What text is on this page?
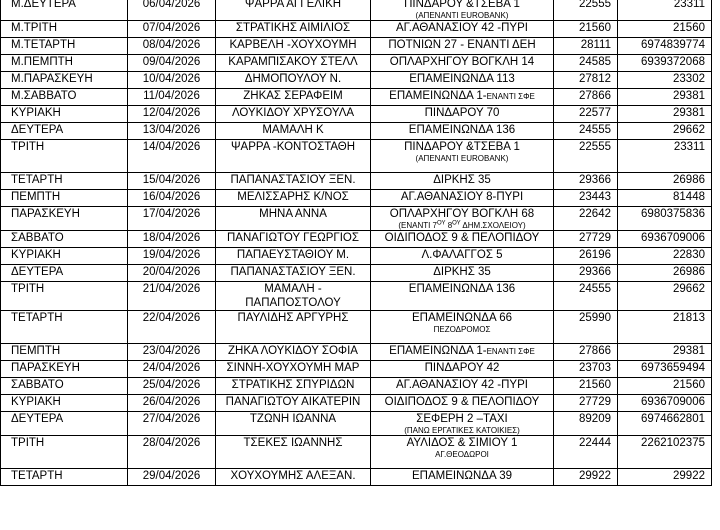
Μ.ΔΕΥΤΕΡΑ	06/04/2026	ΨΑΡΡΑ ΑΓΓΕΛΙΚΗ	ΠΙΝΔΑΡΟΥ &ΤΣΕΒΑ 1
(ΑΠΕΝΑΝΤΙ EUROBANK)	22555	23311
Μ.ΤΡΙΤΗ	07/04/2026	ΣΤΡΑΤΙΚΗΣ ΑΙΜΙΛΙΟΣ	ΑΓ.ΑΘΑΝΑΣΙΟΥ 42 -ΠΥΡΙ	21560	21560
Μ.ΤΕΤΑΡΤΗ	08/04/2026	ΚΑΡΒΕΛΗ -ΧΟΥΧΟΥΜΗ	ΠΟΤΝΙΩΝ 27 - ΕΝΑΝΤΙ ΔΕΗ	28111	6974839774
Μ.ΠΕΜΠΤΗ	09/04/2026	ΚΑΡΑΜΠΙΣΑΚΟΥ ΣΤΕΛΛ	ΟΠΛΑΡΧΗΓΟΥ ΒΟΓΚΛΗ 14	24585	6939372068
Μ.ΠΑΡΑΣΚΕΥΗ	10/04/2026	ΔΗΜΟΠΟΥΛΟΥ Ν.	ΕΠΑΜΕΙΝΩΝΔΑ 113	27812	23302
Μ.ΣΑΒΒΑΤΟ	11/04/2026	ΖΗΚΑΣ ΣΕΡΑΦΕΙΜ	ΕΠΑΜΕΙΝΩΝΔΑ 1-ΕΝΑΝΤΙ ΣΦΕ	27866	29381
ΚΥΡΙΑΚΗ	12/04/2026	ΛΟΥΚΙΔΟΥ ΧΡΥΣΟΥΛΑ	ΠΙΝΔΑΡΟΥ 70	22577	29381
ΔΕΥΤΕΡΑ	13/04/2026	ΜΑΜΑΛΗ Κ	ΕΠΑΜΕΙΝΩΝΔΑ 136	24555	29662
ΤΡΙΤΗ	14/04/2026	ΨΑΡΡΑ -ΚΟΝΤΟΣΤΑΘΗ	ΠΙΝΔΑΡΟΥ &ΤΣΕΒΑ 1
(ΑΠΕΝΑΝΤΙ EUROBANK)	22555	23311
ΤΕΤΑΡΤΗ	15/04/2026	ΠΑΠΑΝΑΣΤΑΣΙΟΥ ΞΕΝ.	ΔΙΡΚΗΣ 35	29366	26986
ΠΕΜΠΤΗ	16/04/2026	ΜΕΛΙΣΣΑΡΗΣ Κ/ΝΟΣ	ΑΓ.ΑΘΑΝΑΣΙΟΥ 8-ΠΥΡΙ	23443	81448
ΠΑΡΑΣΚΕΥΗ	17/04/2026	ΜΗΝΑ ΑΝΝΑ	ΟΠΛΑΡΧΗΓΟΥ ΒΟΓΚΛΗ 68
(ΕΝΑΝΤΙ $7^{O\Upsilon}$ $8^{O\Upsilon}$ ΔΗΜ.ΣΧΟΛΕΙΟΥ)	22642	6980375836
ΣΑΒΒΑΤΟ	18/04/2026	ΠΑΝΑΓΙΩΤΟΥ ΓΕΩΡΓΙΟΣ	ΟΙΔΙΠΟΔΟΣ 9 & ΠΕΛΟΠΙΔΟΥ	27729	6936709006
ΚΥΡΙΑΚΗ	19/04/2026	ΠΑΠΑΕΥΣΤΑΘΙΟΥ Μ.	Λ.ΦΑΛΑΓΓΟΣ 5	26196	22830
ΔΕΥΤΕΡΑ	20/04/2026	ΠΑΠΑΝΑΣΤΑΣΙΟΥ ΞΕΝ.	ΔΙΡΚΗΣ 35	29366	26986
ΤΡΙΤΗ	21/04/2026	ΜΑΜΑΛΗ -
ΠΑΠΑΠΟΣΤΟΛΟΥ	ΕΠΑΜΕΙΝΩΝΔΑ 136	24555	29662
ΤΕΤΑΡΤΗ	22/04/2026	ΠΑΥΛΙΔΗΣ ΑΡΓΥΡΗΣ	ΕΠΑΜΕΙΝΩΝΔΑ 66
ΠΕΖΟΔΡΟΜΟΣ	25990	21813
ΠΕΜΠΤΗ	23/04/2026	ΖΗΚΑ ΛΟΥΚΙΔΟΥ ΣΟΦΙΑ	ΕΠΑΜΕΙΝΩΝΔΑ 1-ΕΝΑΝΤΙ ΣΦΕ	27866	29381
ΠΑΡΑΣΚΕΥΗ	24/04/2026	ΣΙΝΝΗ-ΧΟΥΧΟΥΜΗ ΜΑΡ	ΠΙΝΔΑΡΟΥ 42	23703	6973659494
ΣΑΒΒΑΤΟ	25/04/2026	ΣΤΡΑΤΙΚΗΣ ΣΠΥΡΙΔΩΝ	ΑΓ.ΑΘΑΝΑΣΙΟΥ 42 -ΠΥΡΙ	21560	21560
ΚΥΡΙΑΚΗ	26/04/2026	ΠΑΝΑΓΙΩΤΟΥ ΑΙΚΑΤΕΡΙΝ	ΟΙΔΙΠΟΔΟΣ 9 & ΠΕΛΟΠΙΔΟΥ	27729	6936709006
ΔΕΥΤΕΡΑ	27/04/2026	ΤΖΩΝΗ ΙΩΑΝΝΑ	ΣΕΦΕΡΗ 2 –ΤΑΧΙ
(ΠΑΝΩ ΕΡΓΑΤΙΚΕΣ ΚΑΤΟΙΚΙΕΣ)	89209	6974662801
ΤΡΙΤΗ	28/04/2026	ΤΣΕΚΕΣ ΙΩΑΝΝΗΣ	ΑΥΛΙΔΟΣ & ΣΙΜΙΟΥ 1
ΑΓ.ΘΕΟΔΩΡΟΙ	22444	2262102375
ΤΕΤΑΡΤΗ	29/04/2026	ΧΟΥΧΟΥΜΗΣ ΑΛΕΞΑΝ.	ΕΠΑΜΕΙΝΩΝΔΑ 39	29922	29922
